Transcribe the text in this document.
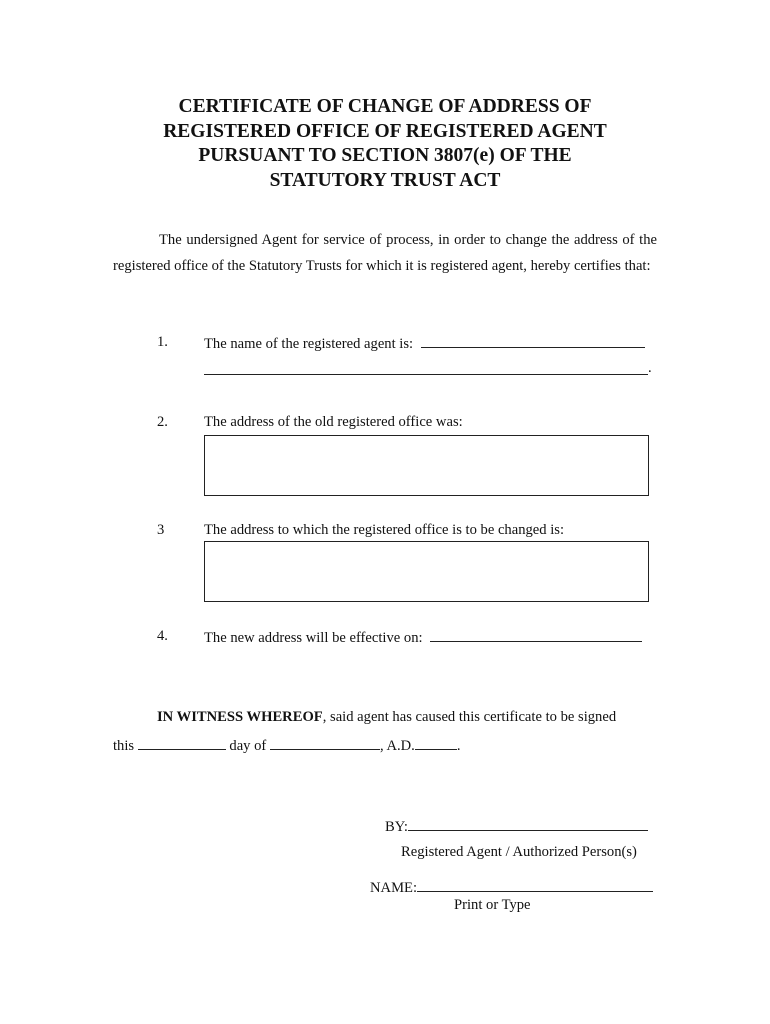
CERTIFICATE OF CHANGE OF ADDRESS OF
REGISTERED OFFICE OF REGISTERED AGENT
PURSUANT TO SECTION 3807(e) OF THE
STATUTORY TRUST ACT
The undersigned Agent for service of process, in order to change the address of the registered office of the Statutory Trusts for which it is registered agent, hereby certifies that:
1. The name of the registered agent is:
.
2. The address of the old registered office was:
3	The address to which the registered office is to be changed is:
4. The new address will be effective on:
IN WITNESS WHEREOF, said agent has caused this certificate to be signed
this	day of	, A.D.	.
BY:
Registered Agent / Authorized Person(s)
NAME:
Print or Type
